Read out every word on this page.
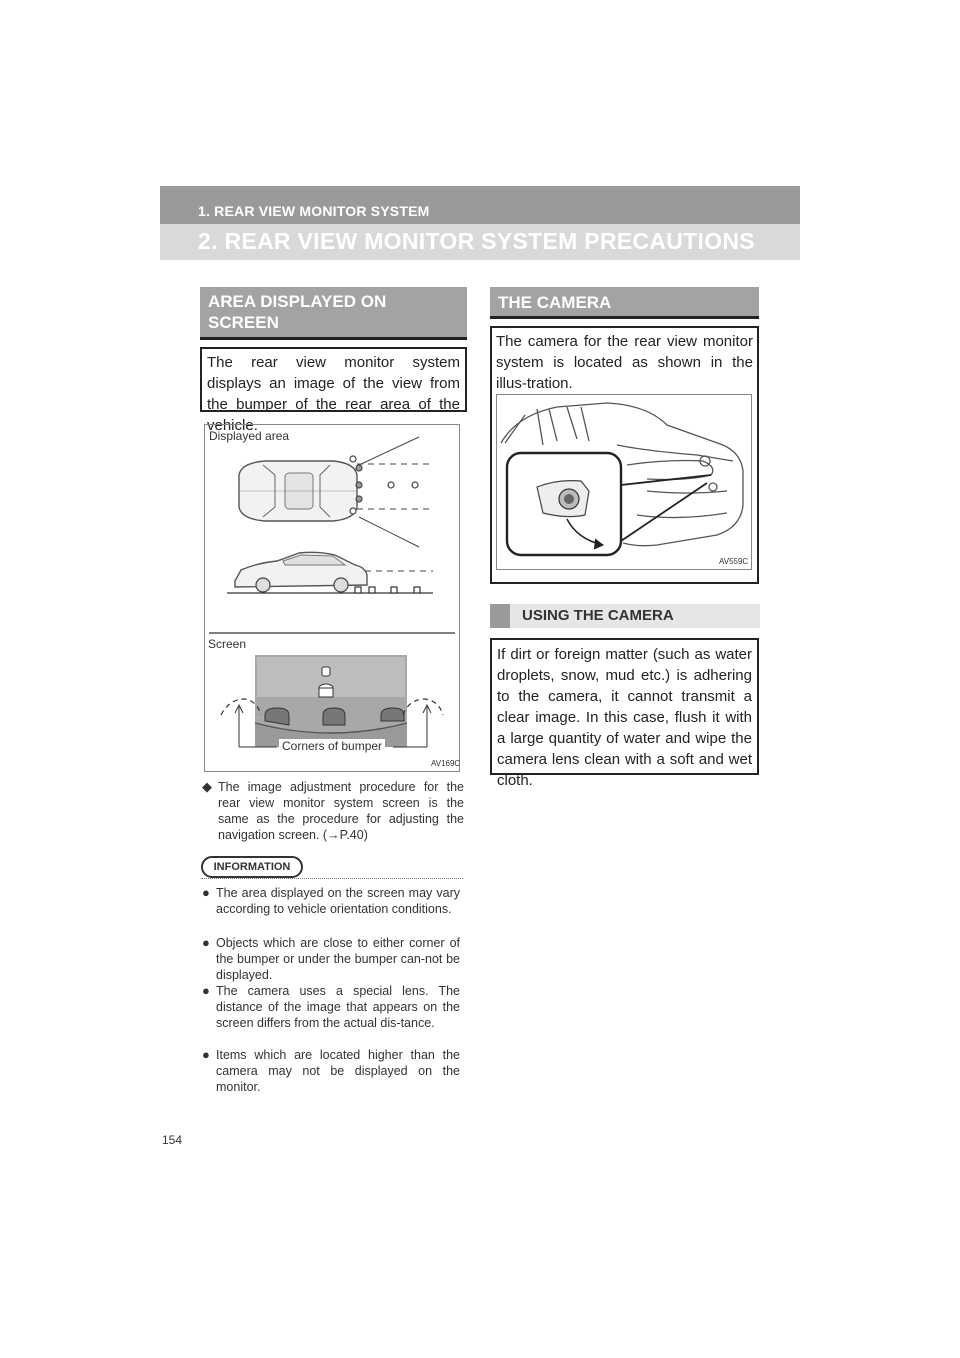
1. REAR VIEW MONITOR SYSTEM
2. REAR VIEW MONITOR SYSTEM PRECAUTIONS
AREA DISPLAYED ON
SCREEN
The rear view monitor system displays an image of the view from the bumper of the rear area of the vehicle.
Displayed area
Screen
Corners of bumper
AV169C
◆ The image adjustment procedure for the rear view monitor system screen is the same as the procedure for adjusting the navigation screen. (→P.40)
INFORMATION
● The area displayed on the screen may vary according to vehicle orientation conditions.
● Objects which are close to either corner of the bumper or under the bumper can-not be displayed.
● The camera uses a special lens. The distance of the image that appears on the screen differs from the actual dis-tance.
● Items which are located higher than the camera may not be displayed on the monitor.
THE CAMERA
The camera for the rear view monitor system is located as shown in the illus-tration.
AV559C
USING THE CAMERA
If dirt or foreign matter (such as water droplets, snow, mud etc.) is adhering to the camera, it cannot transmit a clear image. In this case, flush it with a large quantity of water and wipe the camera lens clean with a soft and wet cloth.
154
